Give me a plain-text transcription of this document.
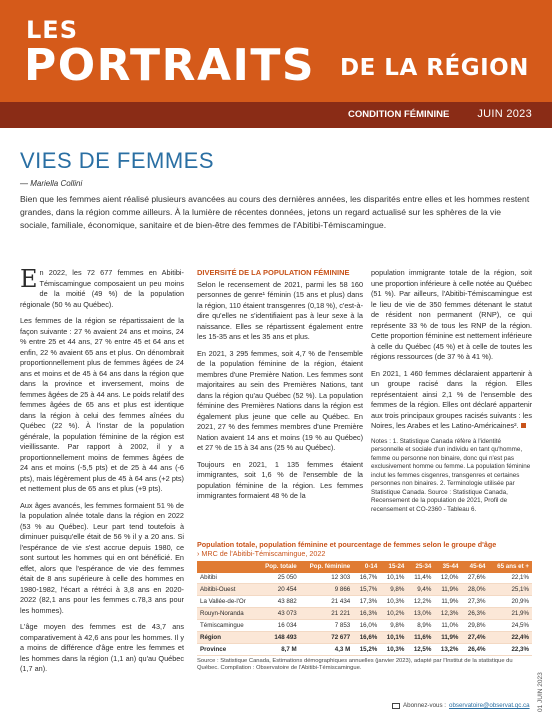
LES
PORTRAITS DE LA RÉGION
CONDITION FÉMININE	JUIN 2023
VIES DE FEMMES
— Mariella Collini
Bien que les femmes aient réalisé plusieurs avancées au cours des dernières années, les disparités entre elles et les hommes restent grandes, dans la région comme ailleurs. À la lumière de récentes données, jetons un regard actualisé sur les sphères de la vie sociale, familiale, économique, sanitaire et de bien-être des femmes de l'Abitibi-Témiscamingue.

En 2022, les 72 677 femmes en Abitibi-Témiscamingue composaient un peu moins de la moitié (49 %) de la population régionale (50 % au Québec).

Les femmes de la région se répartissaient de la façon suivante : 27 % avaient 24 ans et moins, 24 % entre 25 et 44 ans, 27 % entre 45 et 64 ans et enfin, 22 % avaient 65 ans et plus. On dénombrait proportionnellement plus de femmes âgées de 24 ans et moins et de 45 à 64 ans dans la région que dans la province et inversement, moins de femmes âgées de 25 à 44 ans. Le poids relatif des femmes âgées de 65 ans et plus est identique dans la région à celui des femmes aînées du Québec (22 %). À l'instar de la population générale, la population féminine de la région est vieillissante. Par rapport à 2002, il y a proportionnellement moins de femmes âgées de 24 ans et moins (-5,5 pts) et de 25 à 44 ans (-6 pts), mais légèrement plus de 45 à 64 ans (+2 pts) et nettement plus de 65 ans et plus (+9 pts).

Aux âges avancés, les femmes formaient 51 % de la population aînée totale dans la région en 2022 (53 % au Québec). Leur part tend toutefois à diminuer puisqu'elle était de 56 % il y a 20 ans. Si l'espérance de vie s'est accrue depuis 1980, ce sont surtout les hommes qui en ont bénéficié. En effet, alors que l'espérance de vie des femmes était de 8 ans supérieure à celle des hommes en 1980-1982, l'écart a rétréci à 3,8 ans en 2020-2022 (82,1 ans pour les femmes c.78,3 ans pour les hommes).

L'âge moyen des femmes est de 43,7 ans comparativement à 42,6 ans pour les hommes. Il y a moins de différence d'âge entre les femmes et les hommes dans la région (1,1 an) qu'au Québec (1,7 an).

DIVERSITÉ DE LA POPULATION FÉMININE

Selon le recensement de 2021, parmi les 58 160 personnes de genre¹ féminin (15 ans et plus) dans la région, 110 étaient transgenres (0,18 %), c'est-à-dire qu'elles ne s'identifiaient pas à leur sexe à la naissance. Elles se répartissent également entre les 15-35 ans et les 35 ans et plus.

En 2021, 3 295 femmes, soit 4,7 % de l'ensemble de la population féminine de la région, étaient membres d'une Première Nation. Les femmes sont majoritaires au sein des Premières Nations, tant dans la région qu'au Québec (52 %). La population féminine des Premières Nations dans la région est également plus jeune que celle au Québec. En 2021, 27 % des femmes membres d'une Première Nation avaient 14 ans et moins (19 % au Québec) et 27 % de 15 à 34 ans (25 % au Québec).

Toujours en 2021, 1 135 femmes étaient immigrantes, soit 1,6 % de l'ensemble de la population féminine de la région. Les femmes immigrantes formaient 48 % de la

population immigrante totale de la région, soit une proportion inférieure à celle notée au Québec (51 %). Par ailleurs, l'Abitibi-Témiscamingue est le lieu de vie de 350 femmes détenant le statut de résident non permanent (RNP), ce qui représente 33 % de tous les RNP de la région. Cette proportion féminine est nettement inférieure à celle du Québec (45 %) et à celle de toutes les régions ressources (de 37 % à 41 %).

En 2021, 1 460 femmes déclaraient appartenir à un groupe racisé dans la région. Elles représentaient ainsi 2,1 % de l'ensemble des femmes de la région. Elles ont déclaré appartenir aux trois principaux groupes racisés suivants : les Noires, les Arabes et les Latino-Américaines².

Notes : 1. Statistique Canada réfère à l'identité personnelle et sociale d'un individu en tant qu'homme, femme ou personne non binaire, donc qui n'est pas exclusivement homme ou femme. La population féminine inclut les femmes cisgenres, transgenres et certaines personnes non binaires. 2. Terminologie utilisée par Statistique Canada. Source : Statistique Canada, Recensement de la population de 2021, Profil de recensement et CO-2360 - Tableau 6.

Population totale, population féminine et pourcentage de femmes selon le groupe d'âge
› MRC de l'Abitibi-Témiscamingue, 2022
	Pop. totale	Pop. féminine	0-14	15-24	25-34	35-44	45-64	65 ans et +
Abitibi	25 050	12 303	16,7%	10,1%	11,4%	12,0%	27,6%	22,1%
Abitibi-Ouest	20 454	9 866	15,7%	9,8%	9,4%	11,9%	28,0%	25,1%
La Vallée-de-l'Or	43 882	21 434	17,3%	10,3%	12,2%	11,9%	27,3%	20,9%
Rouyn-Noranda	43 073	21 221	16,3%	10,2%	13,0%	12,3%	26,3%	21,9%
Témiscamingue	16 034	7 853	16,0%	9,8%	8,9%	11,0%	29,8%	24,5%
Région	148 493	72 677	16,6%	10,1%	11,6%	11,9%	27,4%	22,4%
Province	8,7 M	4,3 M	15,2%	10,3%	12,5%	13,2%	26,4%	22,3%
Source : Statistique Canada, Estimations démographiques annuelles (janvier 2023), adapté par l'Institut de la statistique du Québec. Compilation : Observatoire de l'Abitibi-Témiscamingue.
Abonnez-vous : observatoire@observat.qc.ca 01 JUIN 2023
